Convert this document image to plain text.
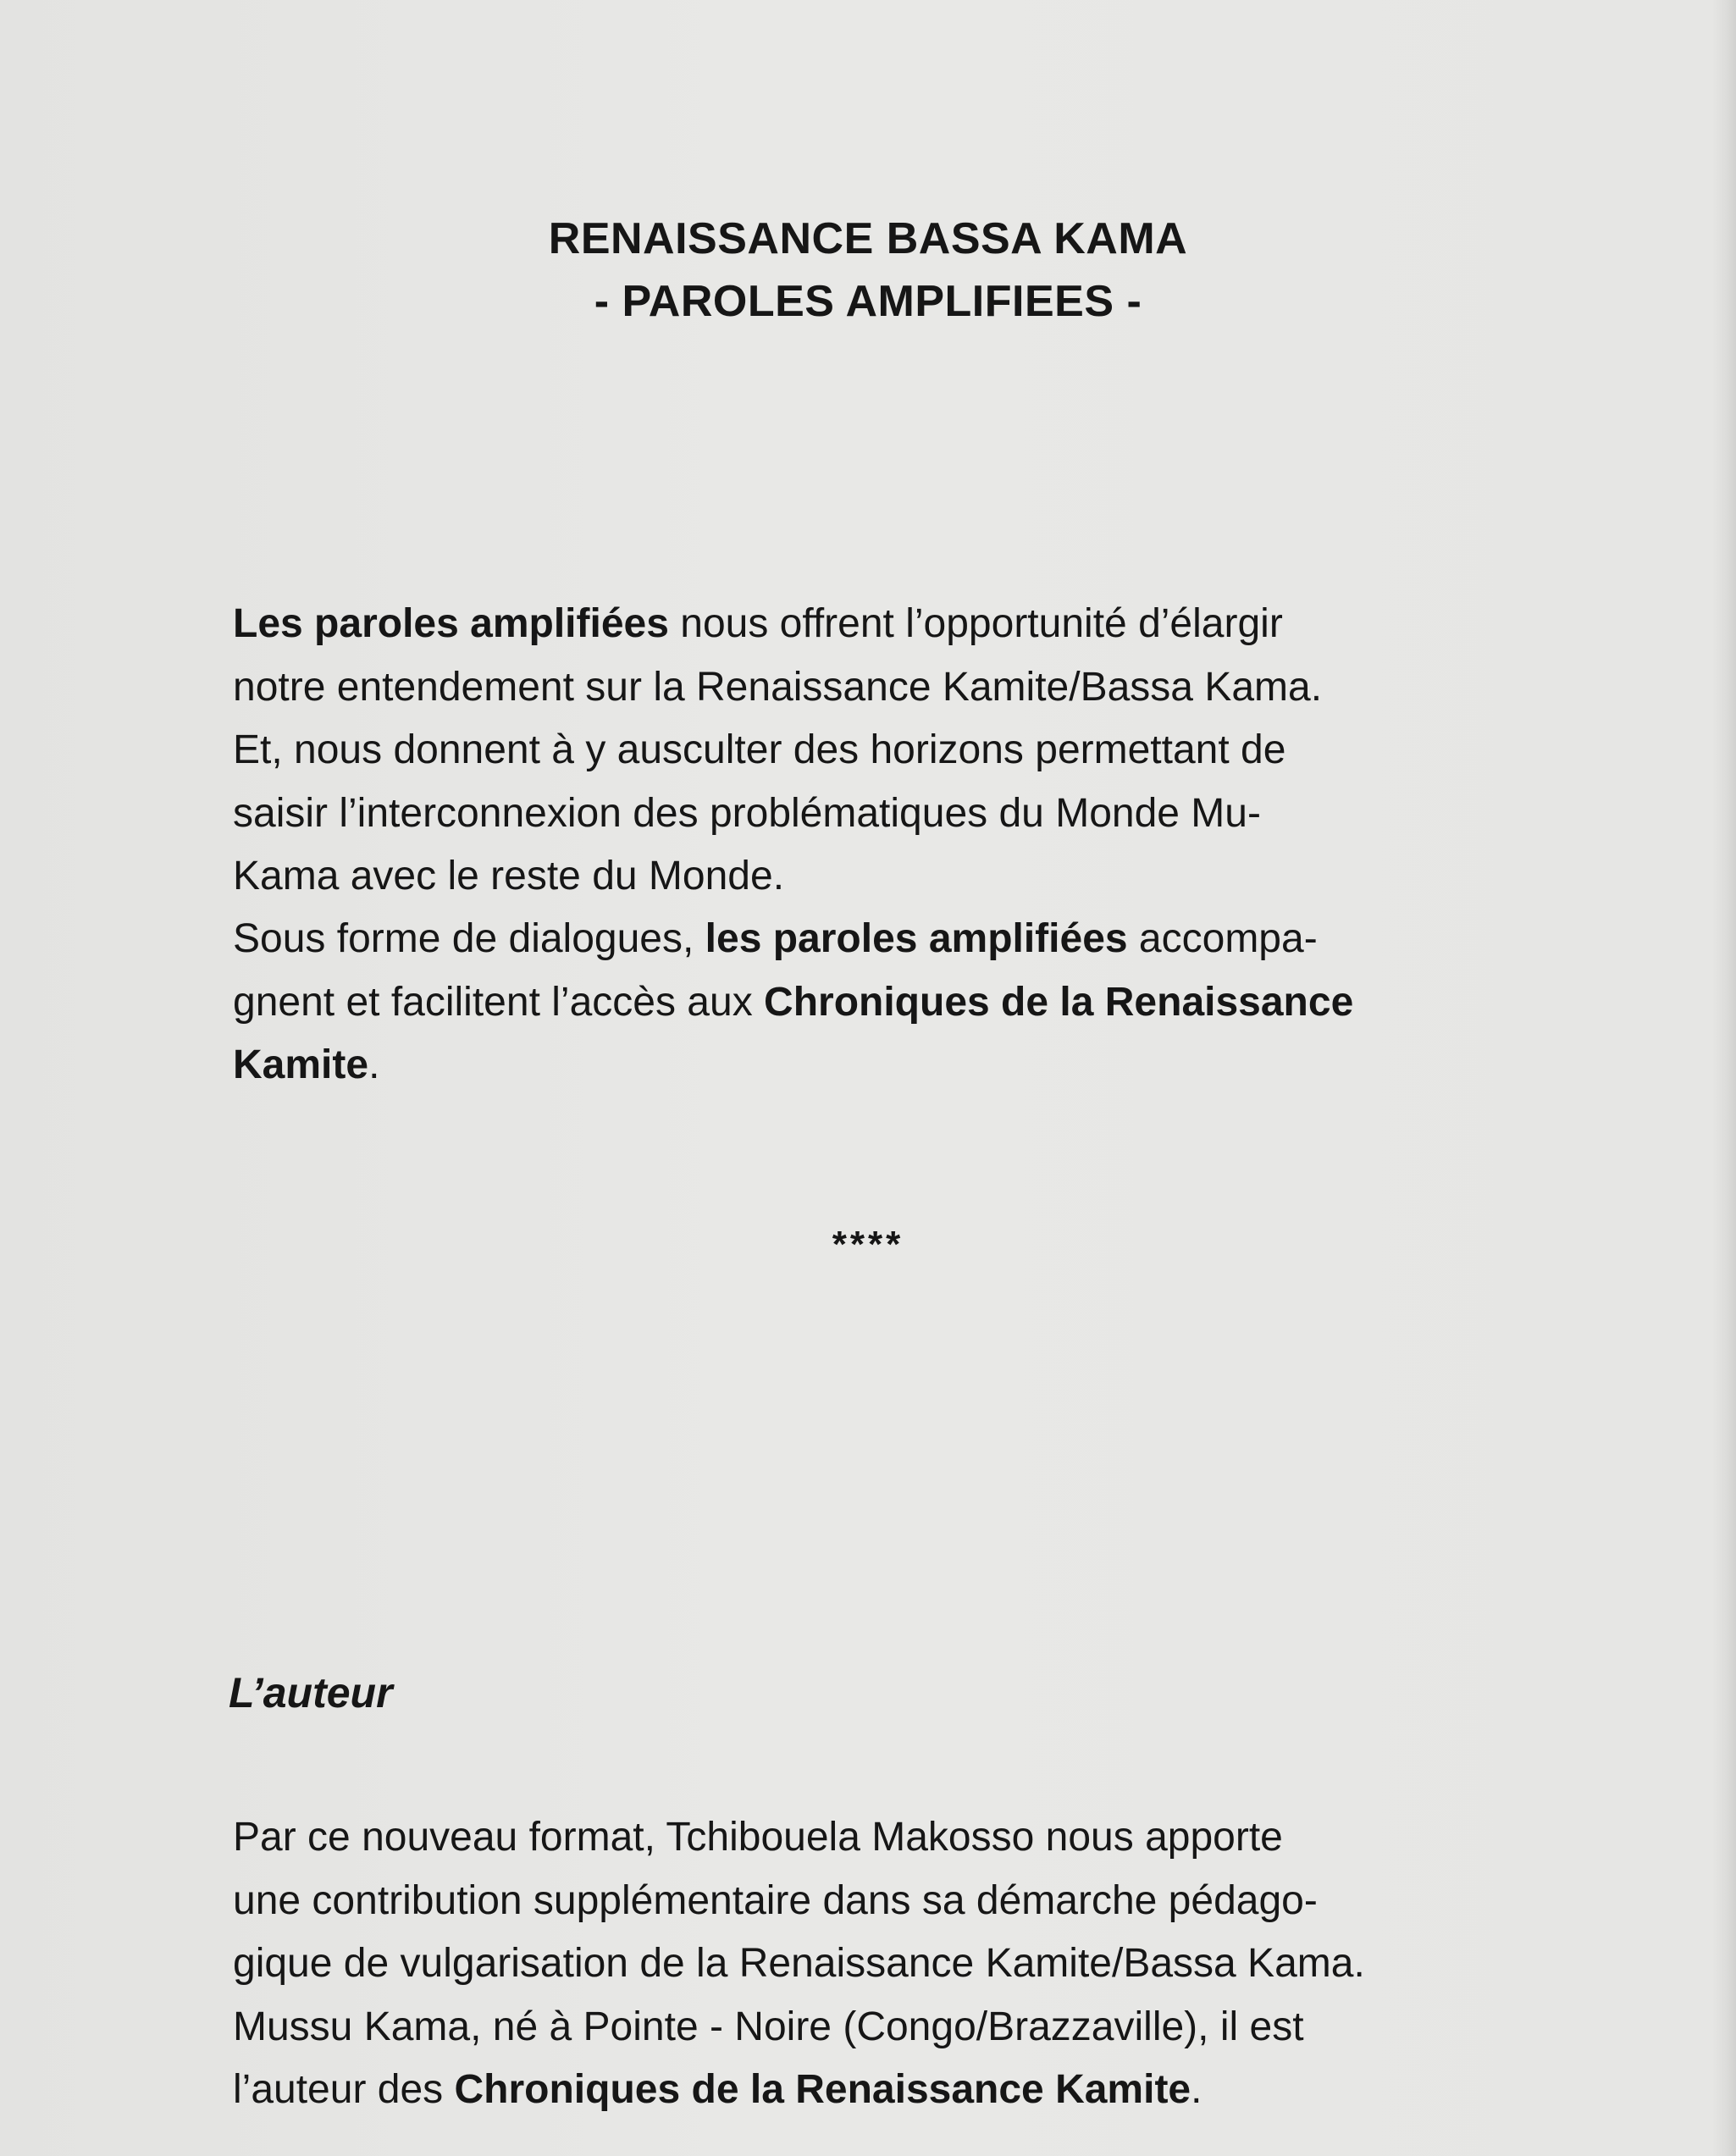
RENAISSANCE BASSA KAMA
- PAROLES AMPLIFIEES -
Les paroles amplifiées nous offrent l’opportunité d’élargir
notre entendement sur la Renaissance Kamite/Bassa Kama.
Et, nous donnent à y ausculter des horizons permettant de
saisir l’interconnexion des problématiques du Monde Mu-
Kama avec le reste du Monde.
Sous forme de dialogues, les paroles amplifiées accompa-
gnent et facilitent l’accès aux Chroniques de la Renaissance
Kamite.
****
L’auteur
Par ce nouveau format, Tchibouela Makosso nous apporte
une contribution supplémentaire dans sa démarche pédago-
gique de vulgarisation de la Renaissance Kamite/Bassa Kama.
Mussu Kama, né à Pointe - Noire (Congo/Brazzaville), il est
l’auteur des Chroniques de la Renaissance Kamite.
